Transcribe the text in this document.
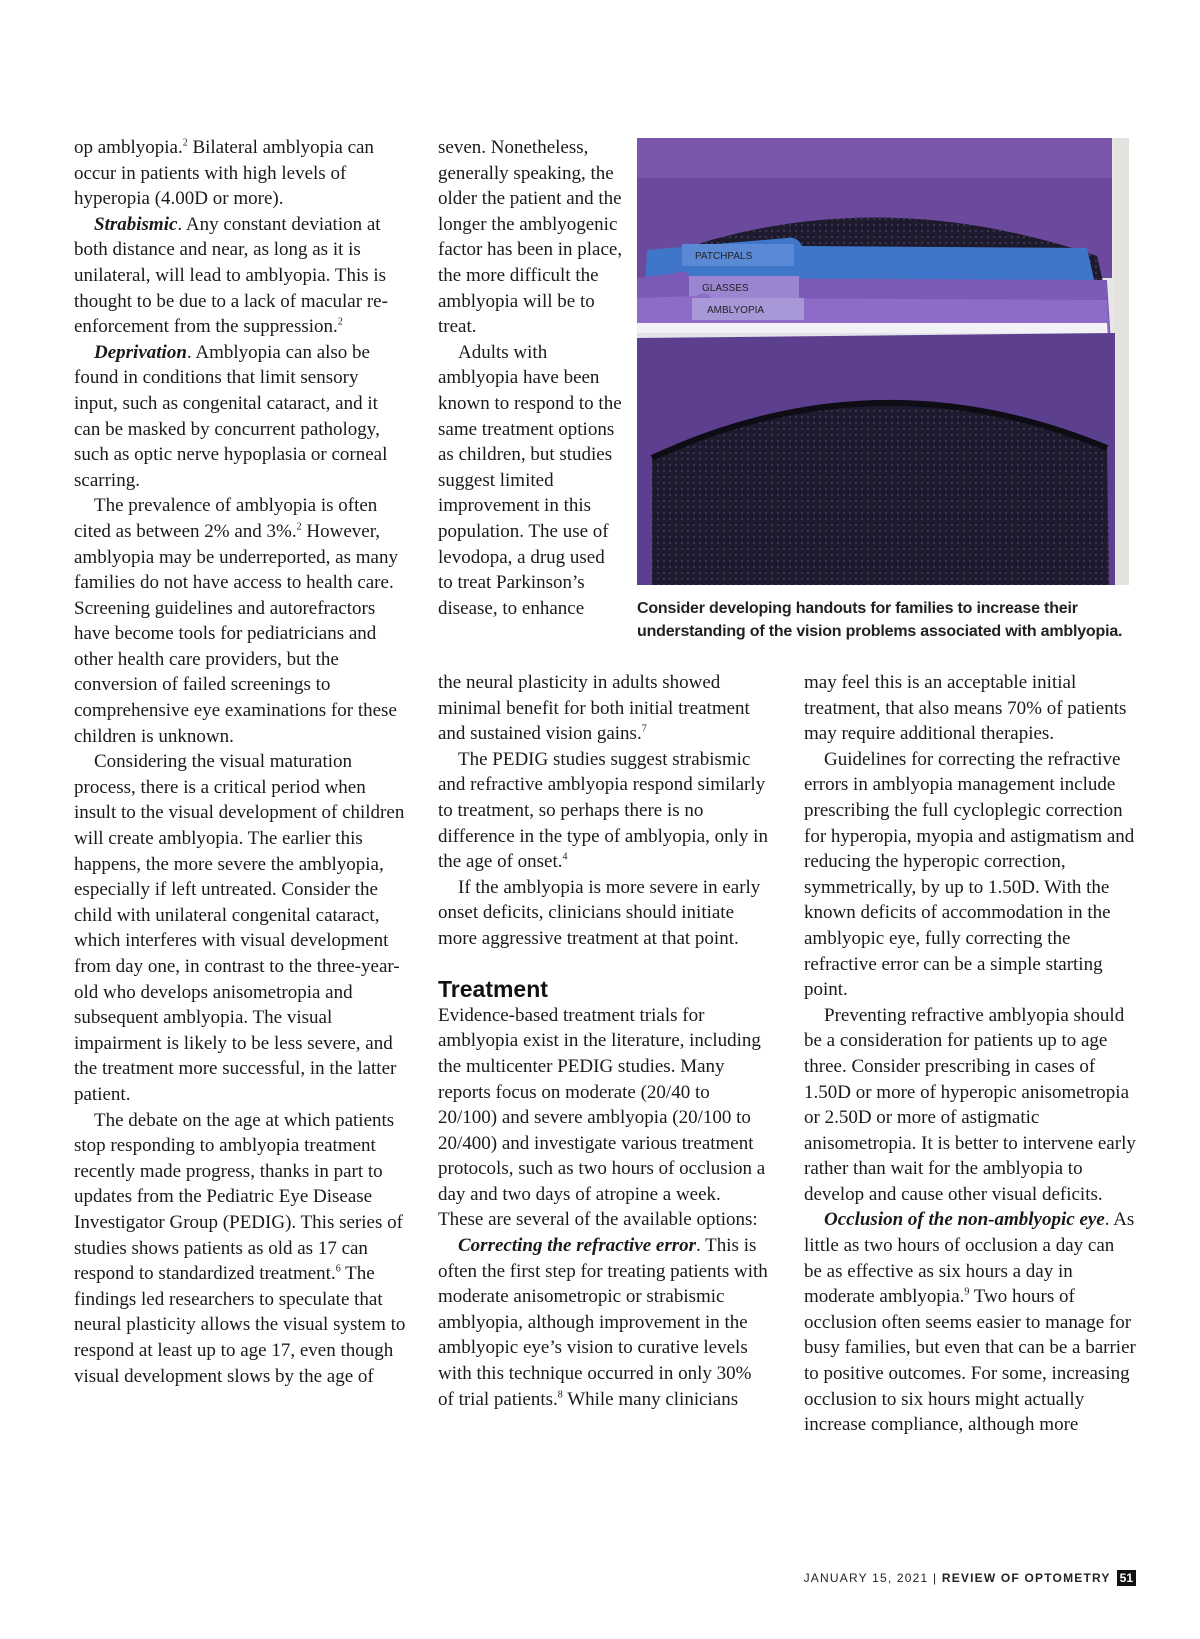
op amblyopia.$^2$ Bilateral amblyopia can occur in patients with high levels of hyperopia (4.00D or more).

Strabismic. Any constant deviation at both distance and near, as long as it is unilateral, will lead to amblyopia. This is thought to be due to a lack of macular re-enforcement from the suppression.$^2$

Deprivation. Amblyopia can also be found in conditions that limit sensory input, such as congenital cataract, and it can be masked by concurrent pathology, such as optic nerve hypoplasia or corneal scarring.

The prevalence of amblyopia is often cited as between 2% and 3%.$^2$ However, amblyopia may be underreported, as many families do not have access to health care. Screening guidelines and autorefractors have become tools for pediatricians and other health care providers, but the conversion of failed screenings to comprehensive eye examinations for these children is unknown.

Considering the visual maturation process, there is a critical period when insult to the visual development of children will create amblyopia. The earlier this happens, the more severe the amblyopia, especially if left untreated. Consider the child with unilateral congenital cataract, which interferes with visual development from day one, in contrast to the three-year-old who develops anisometropia and subsequent amblyopia. The visual impairment is likely to be less severe, and the treatment more successful, in the latter patient.

The debate on the age at which patients stop responding to amblyopia treatment recently made progress, thanks in part to updates from the Pediatric Eye Disease Investigator Group (PEDIG). This series of studies shows patients as old as 17 can respond to standardized treatment.$^6$ The findings led researchers to speculate that neural plasticity allows the visual system to respond at least up to age 17, even though visual development slows by the age of

seven. Nonetheless, generally speaking, the older the patient and the longer the amblyogenic factor has been in place, the more difficult the amblyopia will be to treat.

Adults with amblyopia have been known to respond to the same treatment options as children, but studies suggest limited improvement in this population. The use of levodopa, a drug used to treat Parkinson’s disease, to enhance

PATCHPALS
GLASSES
AMBLYOPIA
Consider developing handouts for families to increase their understanding of the vision problems associated with amblyopia.

the neural plasticity in adults showed minimal benefit for both initial treatment and sustained vision gains.$^7$

The PEDIG studies suggest strabismic and refractive amblyopia respond similarly to treatment, so perhaps there is no difference in the type of amblyopia, only in the age of onset.$^4$

If the amblyopia is more severe in early onset deficits, clinicians should initiate more aggressive treatment at that point.

Treatment

Evidence-based treatment trials for amblyopia exist in the literature, including the multicenter PEDIG studies. Many reports focus on moderate (20/40 to 20/100) and severe amblyopia (20/100 to 20/400) and investigate various treatment protocols, such as two hours of occlusion a day and two days of atropine a week. These are several of the available options:

Correcting the refractive error. This is often the first step for treating patients with moderate anisometropic or strabismic amblyopia, although improvement in the amblyopic eye’s vision to curative levels with this technique occurred in only 30% of trial patients.$^8$ While many clinicians

may feel this is an acceptable initial treatment, that also means 70% of patients may require additional therapies.

Guidelines for correcting the refractive errors in amblyopia management include prescribing the full cycloplegic correction for hyperopia, myopia and astigmatism and reducing the hyperopic correction, symmetrically, by up to 1.50D. With the known deficits of accommodation in the amblyopic eye, fully correcting the refractive error can be a simple starting point.

Preventing refractive amblyopia should be a consideration for patients up to age three. Consider prescribing in cases of 1.50D or more of hyperopic anisometropia or 2.50D or more of astigmatic anisometropia. It is better to intervene early rather than wait for the amblyopia to develop and cause other visual deficits.

Occlusion of the non-amblyopic eye. As little as two hours of occlusion a day can be as effective as six hours a day in moderate amblyopia.$^9$ Two hours of occlusion often seems easier to manage for busy families, but even that can be a barrier to positive outcomes. For some, increasing occlusion to six hours might actually increase compliance, although more

JANUARY 15, 2021 | REVIEW OF OPTOMETRY 51
